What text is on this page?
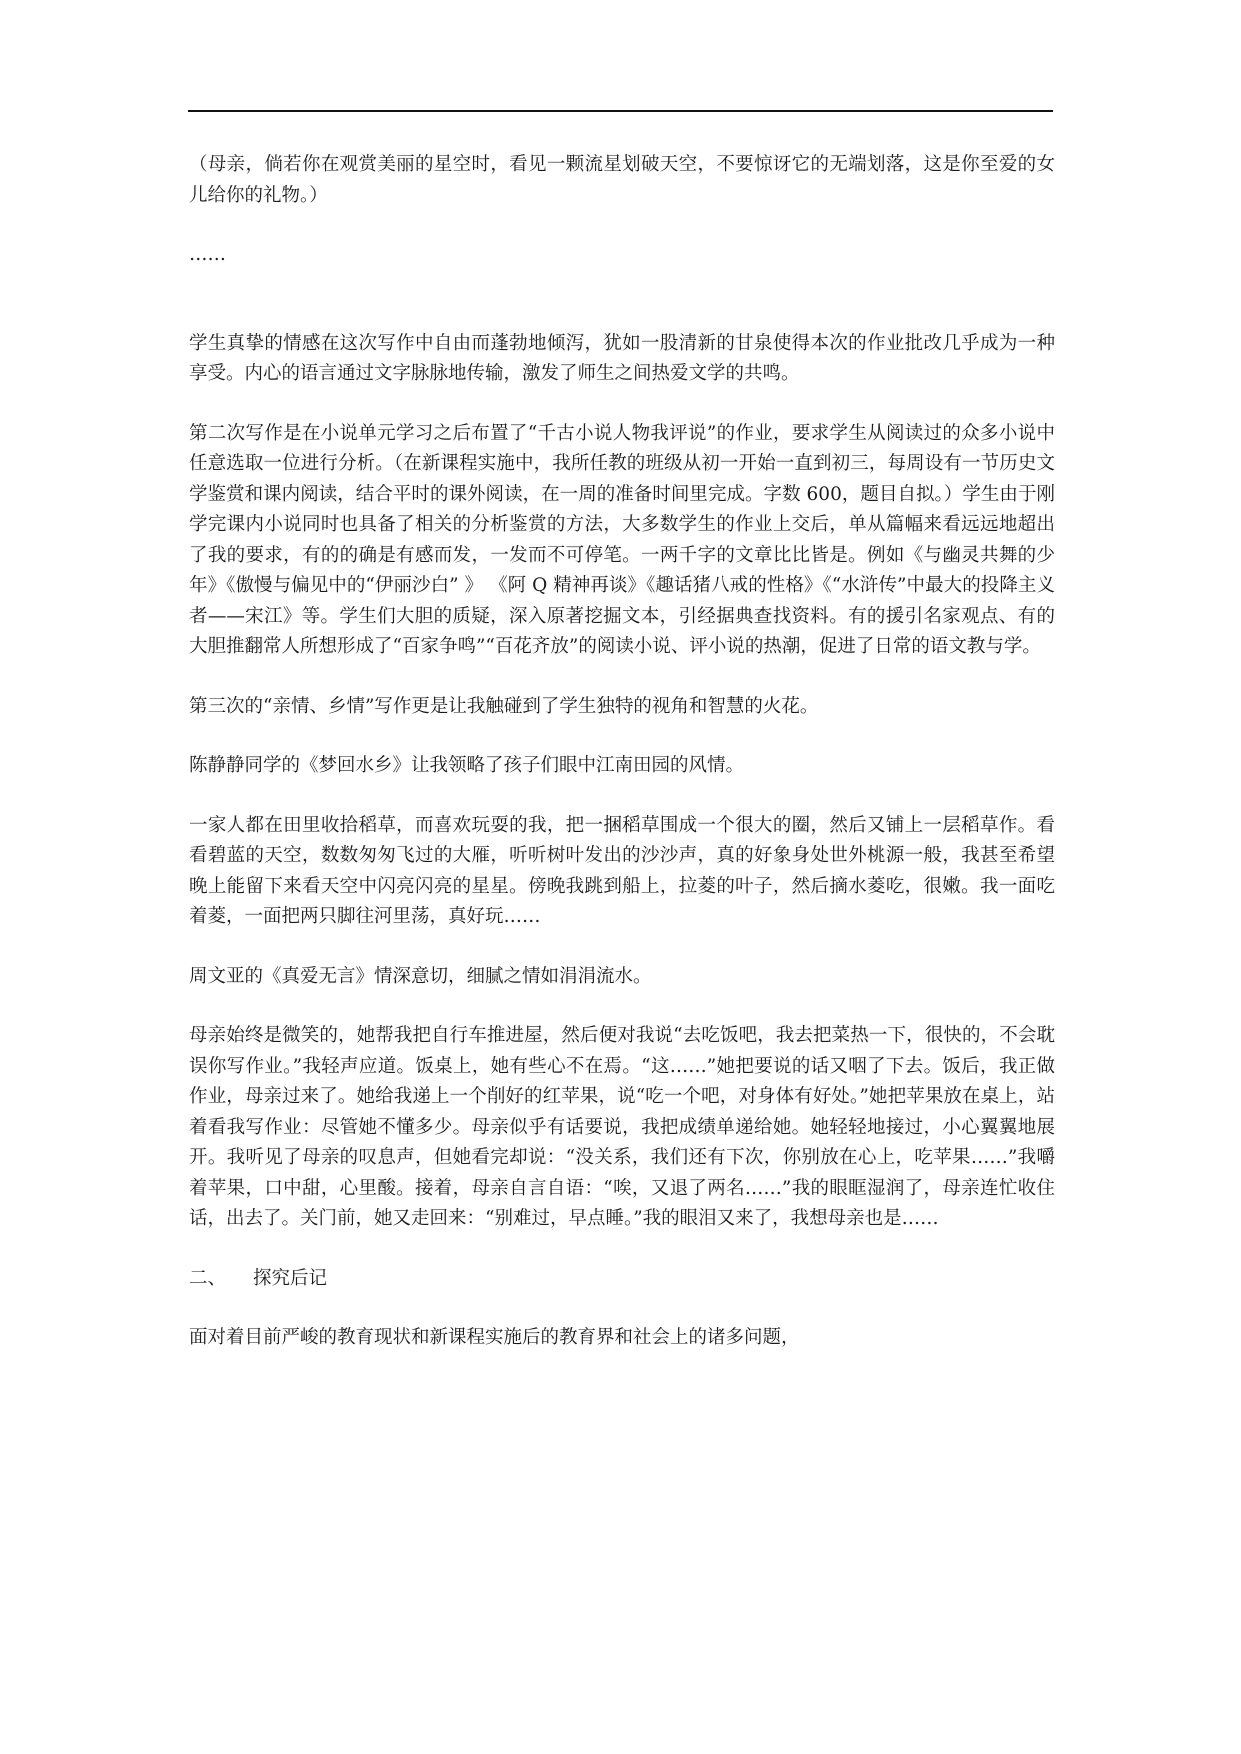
（母亲，倘若你在观赏美丽的星空时，看见一颗流星划破天空，不要惊讶它的无端划落，这是你至爱的女儿给你的礼物。）

……

学生真挚的情感在这次写作中自由而蓬勃地倾泻，犹如一股清新的甘泉使得本次的作业批改几乎成为一种享受。内心的语言通过文字脉脉地传输，激发了师生之间热爱文学的共鸣。

第二次写作是在小说单元学习之后布置了“千古小说人物我评说”的作业，要求学生从阅读过的众多小说中任意选取一位进行分析。（在新课程实施中，我所任教的班级从初一开始一直到初三，每周设有一节历史文学鉴赏和课内阅读，结合平时的课外阅读，在一周的准备时间里完成。字数 600，题目自拟。）学生由于刚学完课内小说同时也具备了相关的分析鉴赏的方法，大多数学生的作业上交后，单从篇幅来看远远地超出了我的要求，有的的确是有感而发，一发而不可停笔。一两千字的文章比比皆是。例如《与幽灵共舞的少年》《傲慢与偏见中的“伊丽沙白” 》 《阿 Q 精神再谈》《趣话猪八戒的性格》《“水浒传”中最大的投降主义者——宋江》等。学生们大胆的质疑，深入原著挖掘文本，引经据典查找资料。有的援引名家观点、有的大胆推翻常人所想形成了“百家争鸣”“百花齐放”的阅读小说、评小说的热潮，促进了日常的语文教与学。

第三次的“亲情、乡情”写作更是让我触碰到了学生独特的视角和智慧的火花。

陈静静同学的《梦回水乡》让我领略了孩子们眼中江南田园的风情。

一家人都在田里收拾稻草，而喜欢玩耍的我，把一捆稻草围成一个很大的圈，然后又铺上一层稻草作。看看碧蓝的天空，数数匆匆飞过的大雁，听听树叶发出的沙沙声，真的好象身处世外桃源一般，我甚至希望晚上能留下来看天空中闪亮闪亮的星星。傍晚我跳到船上，拉菱的叶子，然后摘水菱吃，很嫩。我一面吃着菱，一面把两只脚往河里荡，真好玩……

周文亚的《真爱无言》情深意切，细腻之情如涓涓流水。

母亲始终是微笑的，她帮我把自行车推进屋，然后便对我说“去吃饭吧，我去把菜热一下，很快的，不会耽误你写作业。”我轻声应道。饭桌上，她有些心不在焉。“这……”她把要说的话又咽了下去。饭后，我正做作业，母亲过来了。她给我递上一个削好的红苹果，说“吃一个吧，对身体有好处。”她把苹果放在桌上，站着看我写作业：尽管她不懂多少。母亲似乎有话要说，我把成绩单递给她。她轻轻地接过，小心翼翼地展开。我听见了母亲的叹息声，但她看完却说：“没关系，我们还有下次，你别放在心上，吃苹果……”我嚼着苹果，口中甜，心里酸。接着，母亲自言自语：“唉，又退了两名……”我的眼眶湿润了，母亲连忙收住话，出去了。关门前，她又走回来：“别难过，早点睡。”我的眼泪又来了，我想母亲也是……

二、 探究后记

面对着目前严峻的教育现状和新课程实施后的教育界和社会上的诸多问题，
